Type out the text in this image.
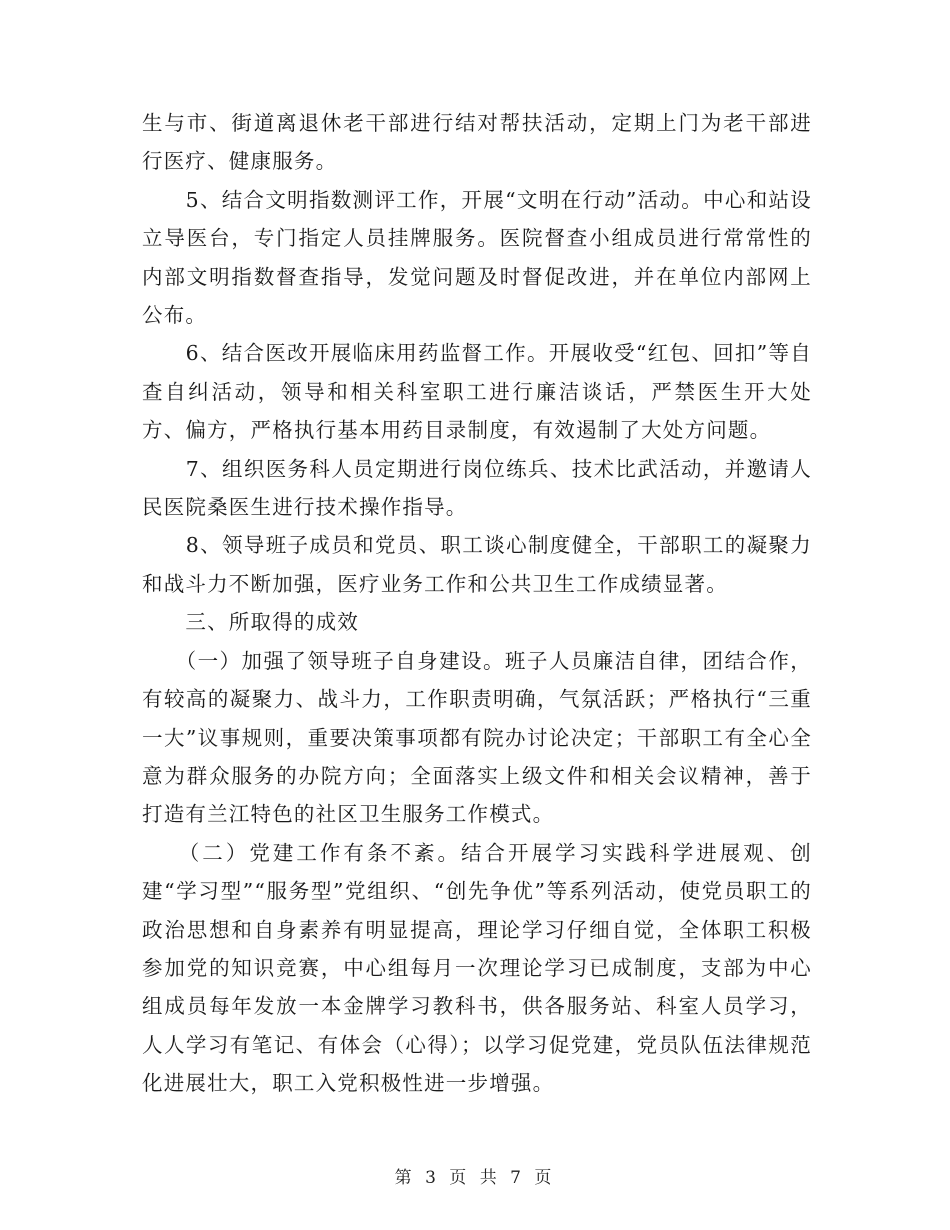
生与市、街道离退休老干部进行结对帮扶活动，定期上门为老干部进行医疗、健康服务。

　　5、结合文明指数测评工作，开展“文明在行动”活动。中心和站设立导医台，专门指定人员挂牌服务。医院督查小组成员进行常常性的内部文明指数督查指导，发觉问题及时督促改进，并在单位内部网上公布。

　　6、结合医改开展临床用药监督工作。开展收受“红包、回扣”等自查自纠活动，领导和相关科室职工进行廉洁谈话，严禁医生开大处方、偏方，严格执行基本用药目录制度，有效遏制了大处方问题。

　　7、组织医务科人员定期进行岗位练兵、技术比武活动，并邀请人民医院桑医生进行技术操作指导。

　　8、领导班子成员和党员、职工谈心制度健全，干部职工的凝聚力和战斗力不断加强，医疗业务工作和公共卫生工作成绩显著。

　　三、所取得的成效

　　（一）加强了领导班子自身建设。班子人员廉洁自律，团结合作，有较高的凝聚力、战斗力，工作职责明确，气氛活跃；严格执行“三重一大”议事规则，重要决策事项都有院办讨论决定；干部职工有全心全意为群众服务的办院方向；全面落实上级文件和相关会议精神，善于打造有兰江特色的社区卫生服务工作模式。

　　（二）党建工作有条不紊。结合开展学习实践科学进展观、创建“学习型”“服务型”党组织、“创先争优”等系列活动，使党员职工的政治思想和自身素养有明显提高，理论学习仔细自觉，全体职工积极参加党的知识竞赛，中心组每月一次理论学习已成制度，支部为中心组成员每年发放一本金牌学习教科书，供各服务站、科室人员学习，人人学习有笔记、有体会（心得）；以学习促党建，党员队伍法律规范化进展壮大，职工入党积极性进一步增强。

第 3 页 共 7 页
